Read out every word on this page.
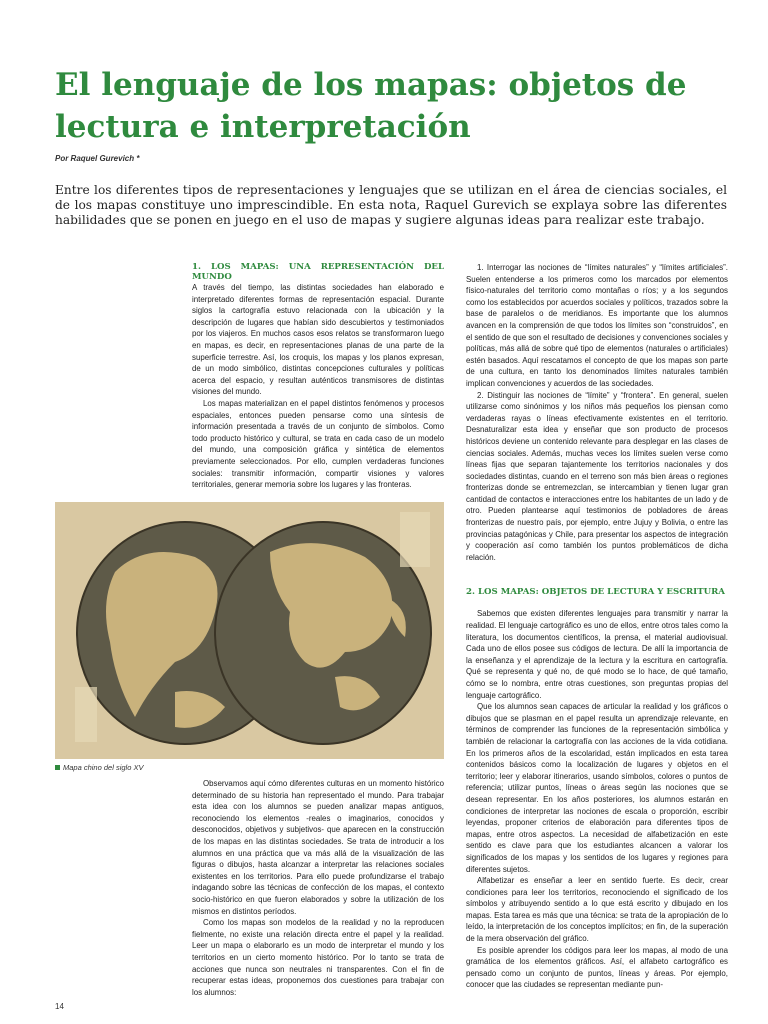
El lenguaje de los mapas: objetos de lectura e interpretación
Por Raquel Gurevich *

Entre los diferentes tipos de representaciones y lenguajes que se utilizan en el área de ciencias sociales, el de los mapas constituye uno imprescindible. En esta nota, Raquel Gurevich se explaya sobre las diferentes habilidades que se ponen en juego en el uso de mapas y sugiere algunas ideas para realizar este trabajo.

1. LOS MAPAS: UNA REPRESENTACIÓN DEL MUNDO

A través del tiempo, las distintas sociedades han elaborado e interpretado diferentes formas de representación espacial. Durante siglos la cartografía estuvo relacionada con la ubicación y la descripción de lugares que habían sido descubiertos y testimoniados por los viajeros. En muchos casos esos relatos se transformaron luego en mapas, es decir, en representaciones planas de una parte de la superficie terrestre. Así, los croquis, los mapas y los planos expresan, de un modo simbólico, distintas concepciones culturales y políticas acerca del espacio, y resultan auténticos transmisores de distintas visiones del mundo.

Los mapas materializan en el papel distintos fenómenos y procesos espaciales, entonces pueden pensarse como una síntesis de información presentada a través de un conjunto de símbolos. Como todo producto histórico y cultural, se trata en cada caso de un modelo del mundo, una composición gráfica y sintética de elementos previamente seleccionados. Por ello, cumplen verdaderas funciones sociales: transmitir información, compartir visiones y valores territoriales, generar memoria sobre los lugares y las fronteras.

Mapa chino del siglo XV

Observamos aquí cómo diferentes culturas en un momento histórico determinado de su historia han representado el mundo. Para trabajar esta idea con los alumnos se pueden analizar mapas antiguos, reconociendo los elementos -reales o imaginarios, conocidos y desconocidos, objetivos y subjetivos- que aparecen en la construcción de los mapas en las distintas sociedades. Se trata de introducir a los alumnos en una práctica que va más allá de la visualización de las figuras o dibujos, hasta alcanzar a interpretar las relaciones sociales existentes en los territorios. Para ello puede profundizarse el trabajo indagando sobre las técnicas de confección de los mapas, el contexto socio-histórico en que fueron elaborados y sobre la utilización de los mismos en distintos períodos.

Como los mapas son modelos de la realidad y no la reproducen fielmente, no existe una relación directa entre el papel y la realidad. Leer un mapa o elaborarlo es un modo de interpretar el mundo y los territorios en un cierto momento histórico. Por lo tanto se trata de acciones que nunca son neutrales ni transparentes. Con el fin de recuperar estas ideas, proponemos dos cuestiones para trabajar con los alumnos:

1. Interrogar las nociones de “límites naturales” y “límites artificiales”. Suelen entenderse a los primeros como los marcados por elementos físico-naturales del territorio como montañas o ríos; y a los segundos como los establecidos por acuerdos sociales y políticos, trazados sobre la base de paralelos o de meridianos. Es importante que los alumnos avancen en la comprensión de que todos los límites son “construidos”, en el sentido de que son el resultado de decisiones y convenciones sociales y políticas, más allá de sobre qué tipo de elementos (naturales o artificiales) estén basados. Aquí rescatamos el concepto de que los mapas son parte de una cultura, en tanto los denominados límites naturales también implican convenciones y acuerdos de las sociedades.

2. Distinguir las nociones de “límite” y “frontera”. En general, suelen utilizarse como sinónimos y los niños más pequeños los piensan como verdaderas rayas o líneas efectivamente existentes en el territorio. Desnaturalizar esta idea y enseñar que son producto de procesos históricos deviene un contenido relevante para desplegar en las clases de ciencias sociales. Además, muchas veces los límites suelen verse como líneas fijas que separan tajantemente los territorios nacionales y dos sociedades distintas, cuando en el terreno son más bien áreas o regiones fronterizas donde se entremezclan, se intercambian y tienen lugar gran cantidad de contactos e interacciones entre los habitantes de un lado y de otro. Pueden plantearse aquí testimonios de pobladores de áreas fronterizas de nuestro país, por ejemplo, entre Jujuy y Bolivia, o entre las provincias patagónicas y Chile, para presentar los aspectos de integración y cooperación así como también los puntos problemáticos de dicha relación.

2. LOS MAPAS: OBJETOS DE LECTURA Y ESCRITURA

Sabemos que existen diferentes lenguajes para transmitir y narrar la realidad. El lenguaje cartográfico es uno de ellos, entre otros tales como la literatura, los documentos científicos, la prensa, el material audiovisual. Cada uno de ellos posee sus códigos de lectura. De allí la importancia de la enseñanza y el aprendizaje de la lectura y la escritura en cartografía. Qué se representa y qué no, de qué modo se lo hace, de qué tamaño, cómo se lo nombra, entre otras cuestiones, son preguntas propias del lenguaje cartográfico.

Que los alumnos sean capaces de articular la realidad y los gráficos o dibujos que se plasman en el papel resulta un aprendizaje relevante, en términos de comprender las funciones de la representación simbólica y también de relacionar la cartografía con las acciones de la vida cotidiana. En los primeros años de la escolaridad, están implicados en esta tarea contenidos básicos como la localización de lugares y objetos en el territorio; leer y elaborar itinerarios, usando símbolos, colores o puntos de referencia; utilizar puntos, líneas o áreas según las nociones que se desean representar. En los años posteriores, los alumnos estarán en condiciones de interpretar las nociones de escala o proporción, escribir leyendas, proponer criterios de elaboración para diferentes tipos de mapas, entre otros aspectos. La necesidad de alfabetización en este sentido es clave para que los estudiantes alcancen a valorar los significados de los mapas y los sentidos de los lugares y regiones para diferentes sujetos.

Alfabetizar es enseñar a leer en sentido fuerte. Es decir, crear condiciones para leer los territorios, reconociendo el significado de los símbolos y atribuyendo sentido a lo que está escrito y dibujado en los mapas. Esta tarea es más que una técnica: se trata de la apropiación de lo leído, la interpretación de los conceptos implícitos; en fin, de la superación de la mera observación del gráfico.

Es posible aprender los códigos para leer los mapas, al modo de una gramática de los elementos gráficos. Así, el alfabeto cartográfico es pensado como un conjunto de puntos, líneas y áreas. Por ejemplo, conocer que las ciudades se representan mediante pun-

14
